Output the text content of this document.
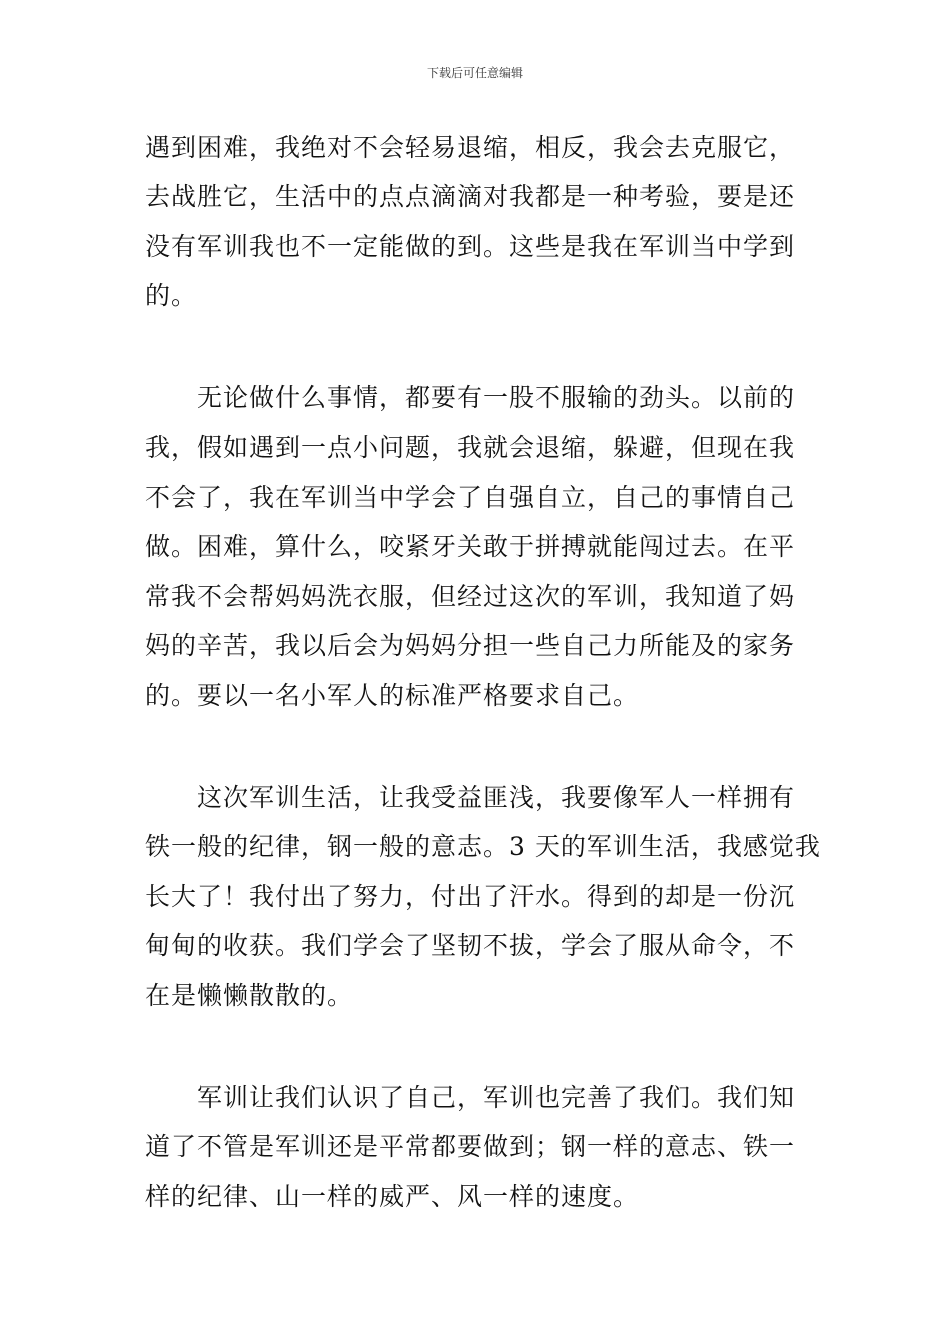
下载后可任意编辑
遇到困难，我绝对不会轻易退缩，相反，我会去克服它，
去战胜它，生活中的点点滴滴对我都是一种考验，要是还
没有军训我也不一定能做的到。这些是我在军训当中学到
的。
无论做什么事情，都要有一股不服输的劲头。以前的
我，假如遇到一点小问题，我就会退缩，躲避，但现在我
不会了，我在军训当中学会了自强自立，自己的事情自己
做。困难，算什么，咬紧牙关敢于拼搏就能闯过去。在平
常我不会帮妈妈洗衣服，但经过这次的军训，我知道了妈
妈的辛苦，我以后会为妈妈分担一些自己力所能及的家务
的。要以一名小军人的标准严格要求自己。
这次军训生活，让我受益匪浅，我要像军人一样拥有
铁一般的纪律，钢一般的意志。3 天的军训生活，我感觉我
长大了！我付出了努力，付出了汗水。得到的却是一份沉
甸甸的收获。我们学会了坚韧不拔，学会了服从命令，不
在是懒懒散散的。
军训让我们认识了自己，军训也完善了我们。我们知
道了不管是军训还是平常都要做到；钢一样的意志、铁一
样的纪律、山一样的威严、风一样的速度。
